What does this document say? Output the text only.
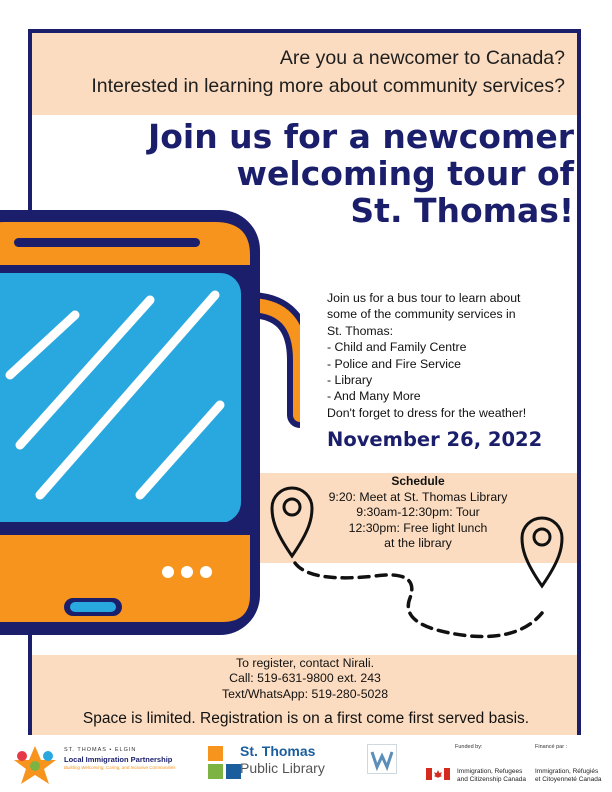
Are you a newcomer to Canada?
Interested in learning more about community services?
Join us for a newcomer
welcoming tour of
St. Thomas!
Join us for a bus tour to learn about
some of the community services in
St. Thomas:
- Child and Family Centre
- Police and Fire Service
- Library
- And Many More
Don't forget to dress for the weather!
November 26, 2022
Schedule
9:20: Meet at St. Thomas Library
9:30am-12:30pm: Tour
12:30pm: Free light lunch
at the library
To register, contact Nirali.
Call: 519-631-9800 ext. 243
Text/WhatsApp: 519-280-5028
Space is limited. Registration is on a first come first served basis.
ST. THOMAS • ELGIN
Local Immigration Partnership
Building Welcoming, Caring, and Inclusive Communities
St. Thomas
Public Library
Funded by:	Financé par :
Immigration, Refugees
and Citizenship Canada
Immigration, Réfugiés
et Citoyenneté Canada
